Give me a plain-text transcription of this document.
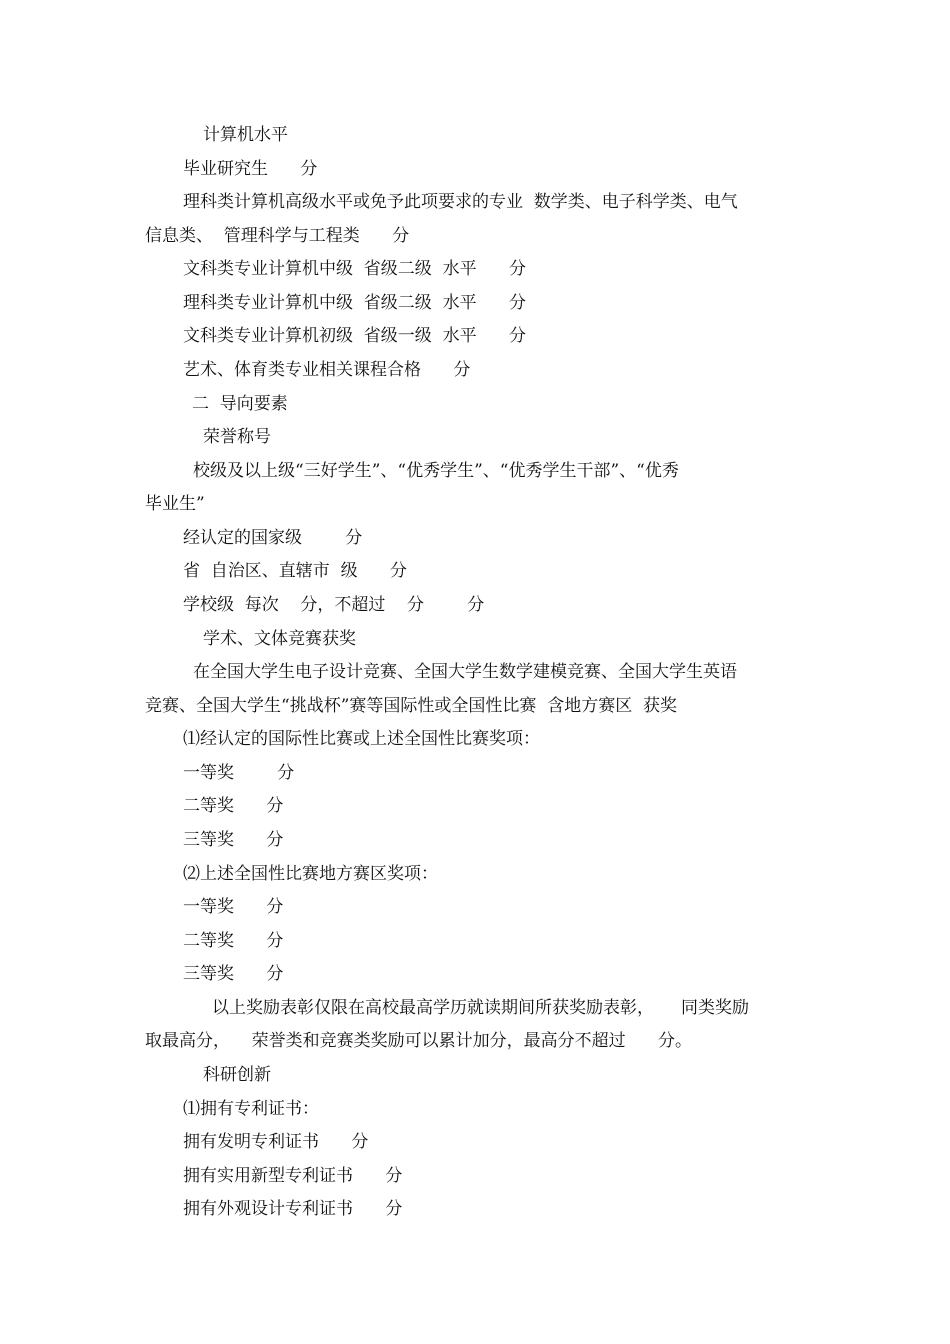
计算机水平

毕业研究生      分

理科类计算机高级水平或免予此项要求的专业  数学类、电子科学类、电气

信息类、  管理科学与工程类      分

文科类专业计算机中级  省级二级  水平      分

理科类专业计算机中级  省级二级  水平      分

文科类专业计算机初级  省级一级  水平      分

艺术、体育类专业相关课程合格      分

二  导向要素

荣誉称号

校级及以上级“三好学生”、“优秀学生”、“优秀学生干部”、“优秀

毕业生”

经认定的国家级        分

省  自治区、直辖市  级      分

学校级  每次    分，不超过    分        分

学术、文体竞赛获奖

在全国大学生电子设计竞赛、全国大学生数学建模竞赛、全国大学生英语

竞赛、全国大学生“挑战杯”赛等国际性或全国性比赛  含地方赛区  获奖

⑴经认定的国际性比赛或上述全国性比赛奖项：

一等奖        分

二等奖      分

三等奖      分

⑵上述全国性比赛地方赛区奖项：

一等奖      分

二等奖      分

三等奖      分

以上奖励表彰仅限在高校最高学历就读期间所获奖励表彰，     同类奖励

取最高分，    荣誉类和竞赛类奖励可以累计加分，最高分不超过      分。

科研创新

⑴拥有专利证书：

拥有发明专利证书      分

拥有实用新型专利证书      分

拥有外观设计专利证书      分
